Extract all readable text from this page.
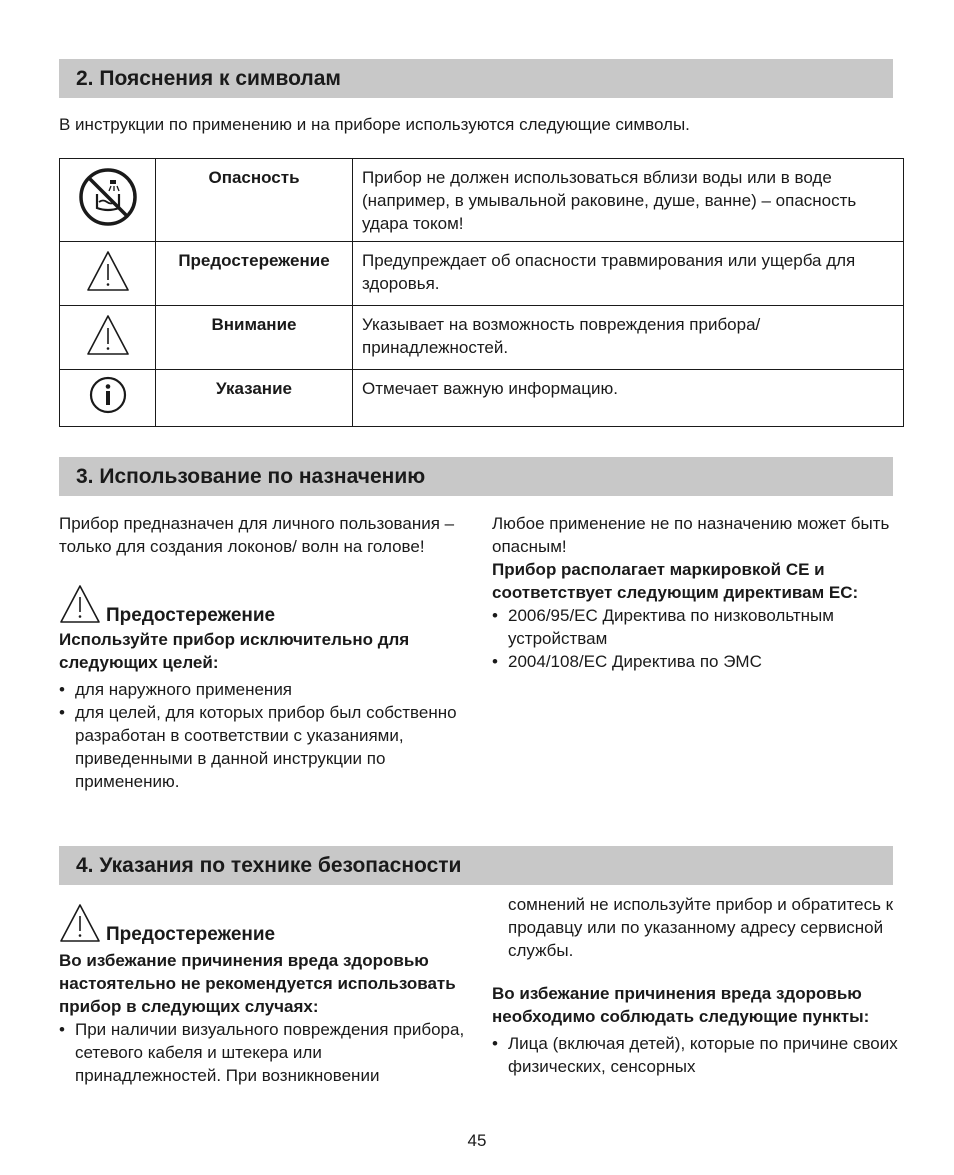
2. Пояснения к символам

В инструкции по применению и на приборе используются следующие символы.

	Опасность	Прибор не должен использоваться вблизи воды или в воде (например, в умывальной раковине, душе, ванне) – опасность удара током!
	Предостережение	Предупреждает об опасности травмирования или ущерба для здоровья.
	Внимание	Указывает на возможность повреждения прибора/ принадлежностей.
	Указание	Отмечает важную информацию.
3. Использование по назначению

Прибор предназначен для личного пользования – только для создания локонов/ волн на голове!

Предостережение

Используйте прибор исключительно для следующих целей:

• для наружного применения
• для целей, для которых прибор был собственно разработан в соответствии с указаниями, приведенными в данной инструкции по применению.

Любое применение не по назначению может быть опасным!

Прибор располагает маркировкой CE и соответствует следующим директивам ЕС:

• 2006/95/EC Директива по низковольтным устройствам
• 2004/108/EC Директива по ЭМС
4. Указания по технике безопасности
Предостережение

Во избежание причинения вреда здоровью настоятельно не рекомендуется использовать прибор в следующих случаях:

• При наличии визуального повреждения прибора, сетевого кабеля и штекера или принадлежностей. При возникновении

сомнений не используйте прибор и обратитесь к продавцу или по указанному адресу сервисной службы.

Во избежание причинения вреда здоровью необходимо соблюдать следующие пункты:

• Лица (включая детей), которые по причине своих физических, сенсорных
45
